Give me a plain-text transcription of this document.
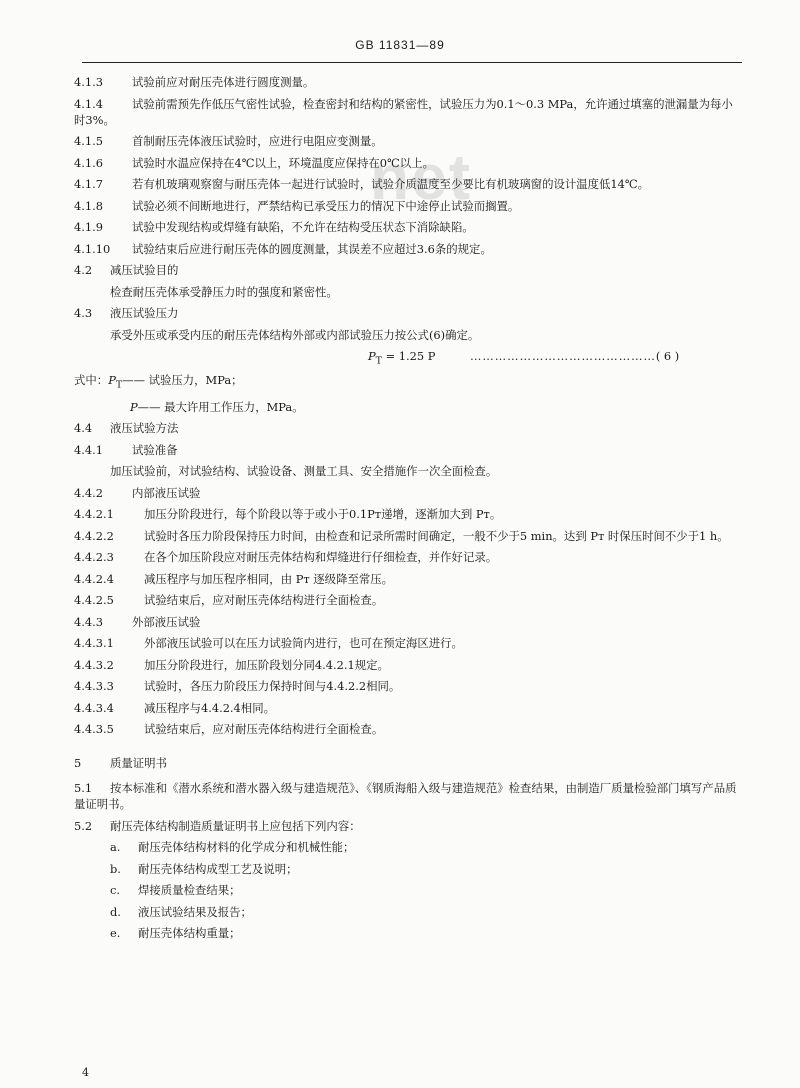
GB 11831—89
net
4.1.3	试验前应对耐压壳体进行圆度测量。
4.1.4	试验前需预先作低压气密性试验，检查密封和结构的紧密性，试验压力为0.1～0.3 MPa，允许通过填塞的泄漏量为每小时3%。
4.1.5	首制耐压壳体液压试验时，应进行电阻应变测量。
4.1.6	试验时水温应保持在4℃以上，环境温度应保持在0℃以上。
4.1.7	若有机玻璃观察窗与耐压壳体一起进行试验时，试验介质温度至少要比有机玻璃窗的设计温度低14℃。
4.1.8	试验必须不间断地进行，严禁结构已承受压力的情况下中途停止试验而搁置。
4.1.9	试验中发现结构或焊缝有缺陷，不允许在结构受压状态下消除缺陷。
4.1.10 试验结束后应进行耐压壳体的圆度测量，其误差不应超过3.6条的规定。
4.2 减压试验目的
检查耐压壳体承受静压力时的强度和紧密性。
4.3 液压试验压力
承受外压或承受内压的耐压壳体结构外部或内部试验压力按公式(6)确定。
$P_T = 1.25$ P	………………………………………( 6 )
式中：$P_T——$ 试验压力，MPa；
P—— 最大许用工作压力，MPa。
4.4 液压试验方法
4.4.1	试验准备
加压试验前，对试验结构、试验设备、测量工具、安全措施作一次全面检查。
4.4.2	内部液压试验
4.4.2.1	加压分阶段进行，每个阶段以等于或小于0.1Pᴛ递增，逐渐加大到 Pᴛ。
4.4.2.2	试验时各压力阶段保持压力时间，由检查和记录所需时间确定，一般不少于5 min。达到 Pᴛ 时保压时间不少于1 h。
4.4.2.3	在各个加压阶段应对耐压壳体结构和焊缝进行仔细检查，并作好记录。
4.4.2.4	减压程序与加压程序相同，由 Pᴛ 逐级降至常压。
4.4.2.5	试验结束后，应对耐压壳体结构进行全面检查。
4.4.3	外部液压试验
4.4.3.1	外部液压试验可以在压力试验筒内进行，也可在预定海区进行。
4.4.3.2	加压分阶段进行，加压阶段划分同4.4.2.1规定。
4.4.3.3	试验时，各压力阶段压力保持时间与4.4.2.2相同。
4.4.3.4	减压程序与4.4.2.4相同。
4.4.3.5	试验结束后，应对耐压壳体结构进行全面检查。
5	质量证明书
5.1 按本标准和《潜水系统和潜水器入级与建造规范》、《钢质海船入级与建造规范》检查结果，由制造厂质量检验部门填写产品质量证明书。
5.2 耐压壳体结构制造质量证明书上应包括下列内容：
a. 耐压壳体结构材料的化学成分和机械性能；
b. 耐压壳体结构成型工艺及说明；
c. 焊接质量检查结果；
d. 液压试验结果及报告；
e. 耐压壳体结构重量；
4
